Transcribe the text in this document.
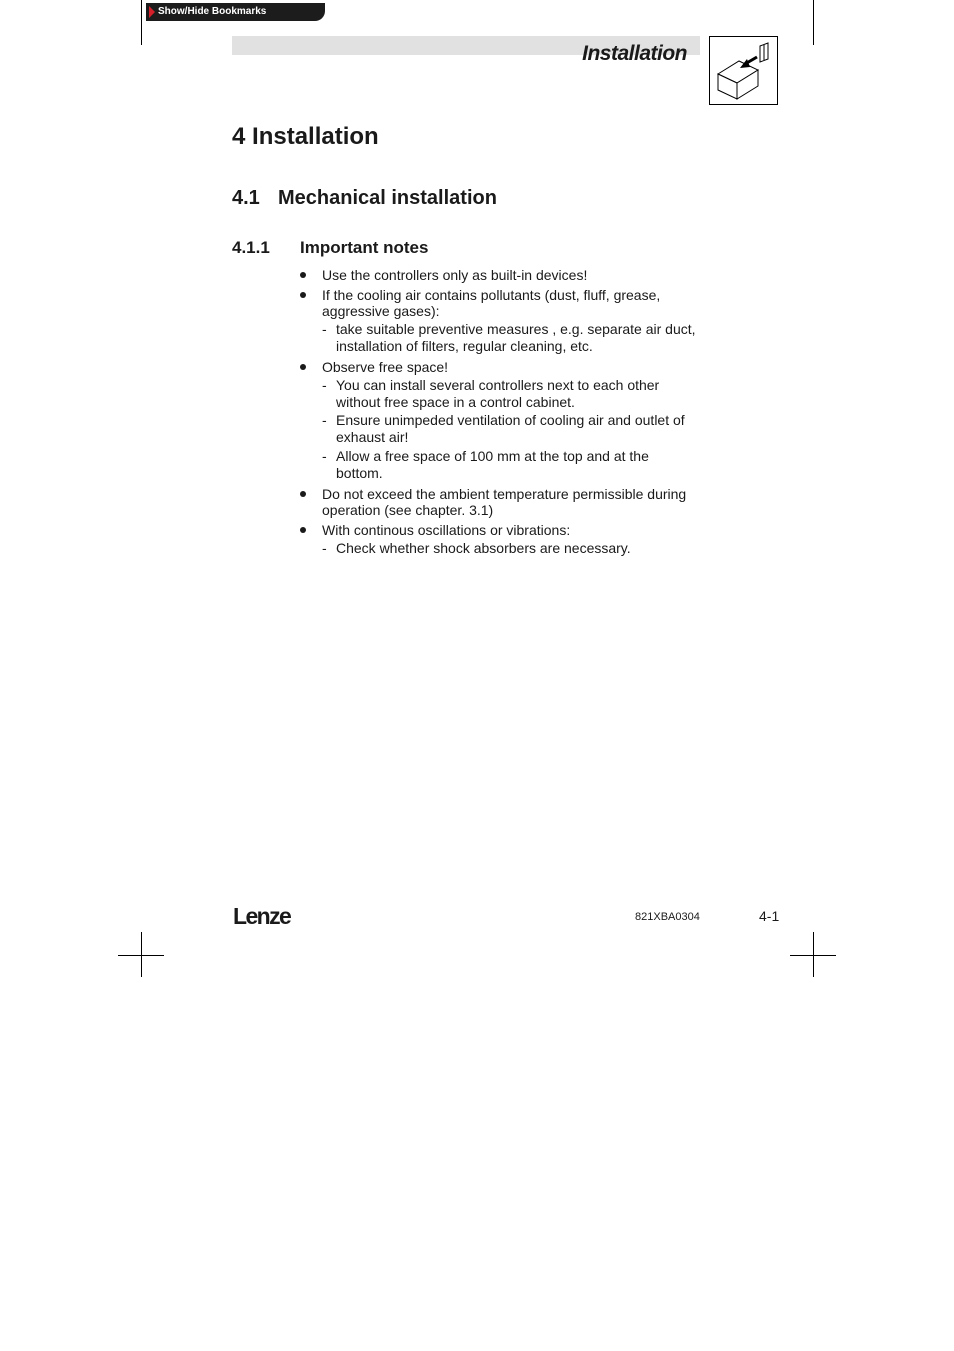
Show/Hide Bookmarks
Installation
4 Installation
4.1 Mechanical installation
4.1.1 Important notes
Use the controllers only as built-in devices!
If the cooling air contains pollutants (dust, fluff, grease,
aggressive gases):
- take suitable preventive measures , e.g. separate air duct,
installation of filters, regular cleaning, etc.
Observe free space!
- You can install several controllers next to each other
without free space in a control cabinet.
- Ensure unimpeded ventilation of cooling air and outlet of
exhaust air!
- Allow a free space of 100 mm at the top and at the
bottom.
Do not exceed the ambient temperature permissible during
operation (see chapter. 3.1)
With continous oscillations or vibrations:
- Check whether shock absorbers are necessary.
Lenze	821XBA0304	4-1
